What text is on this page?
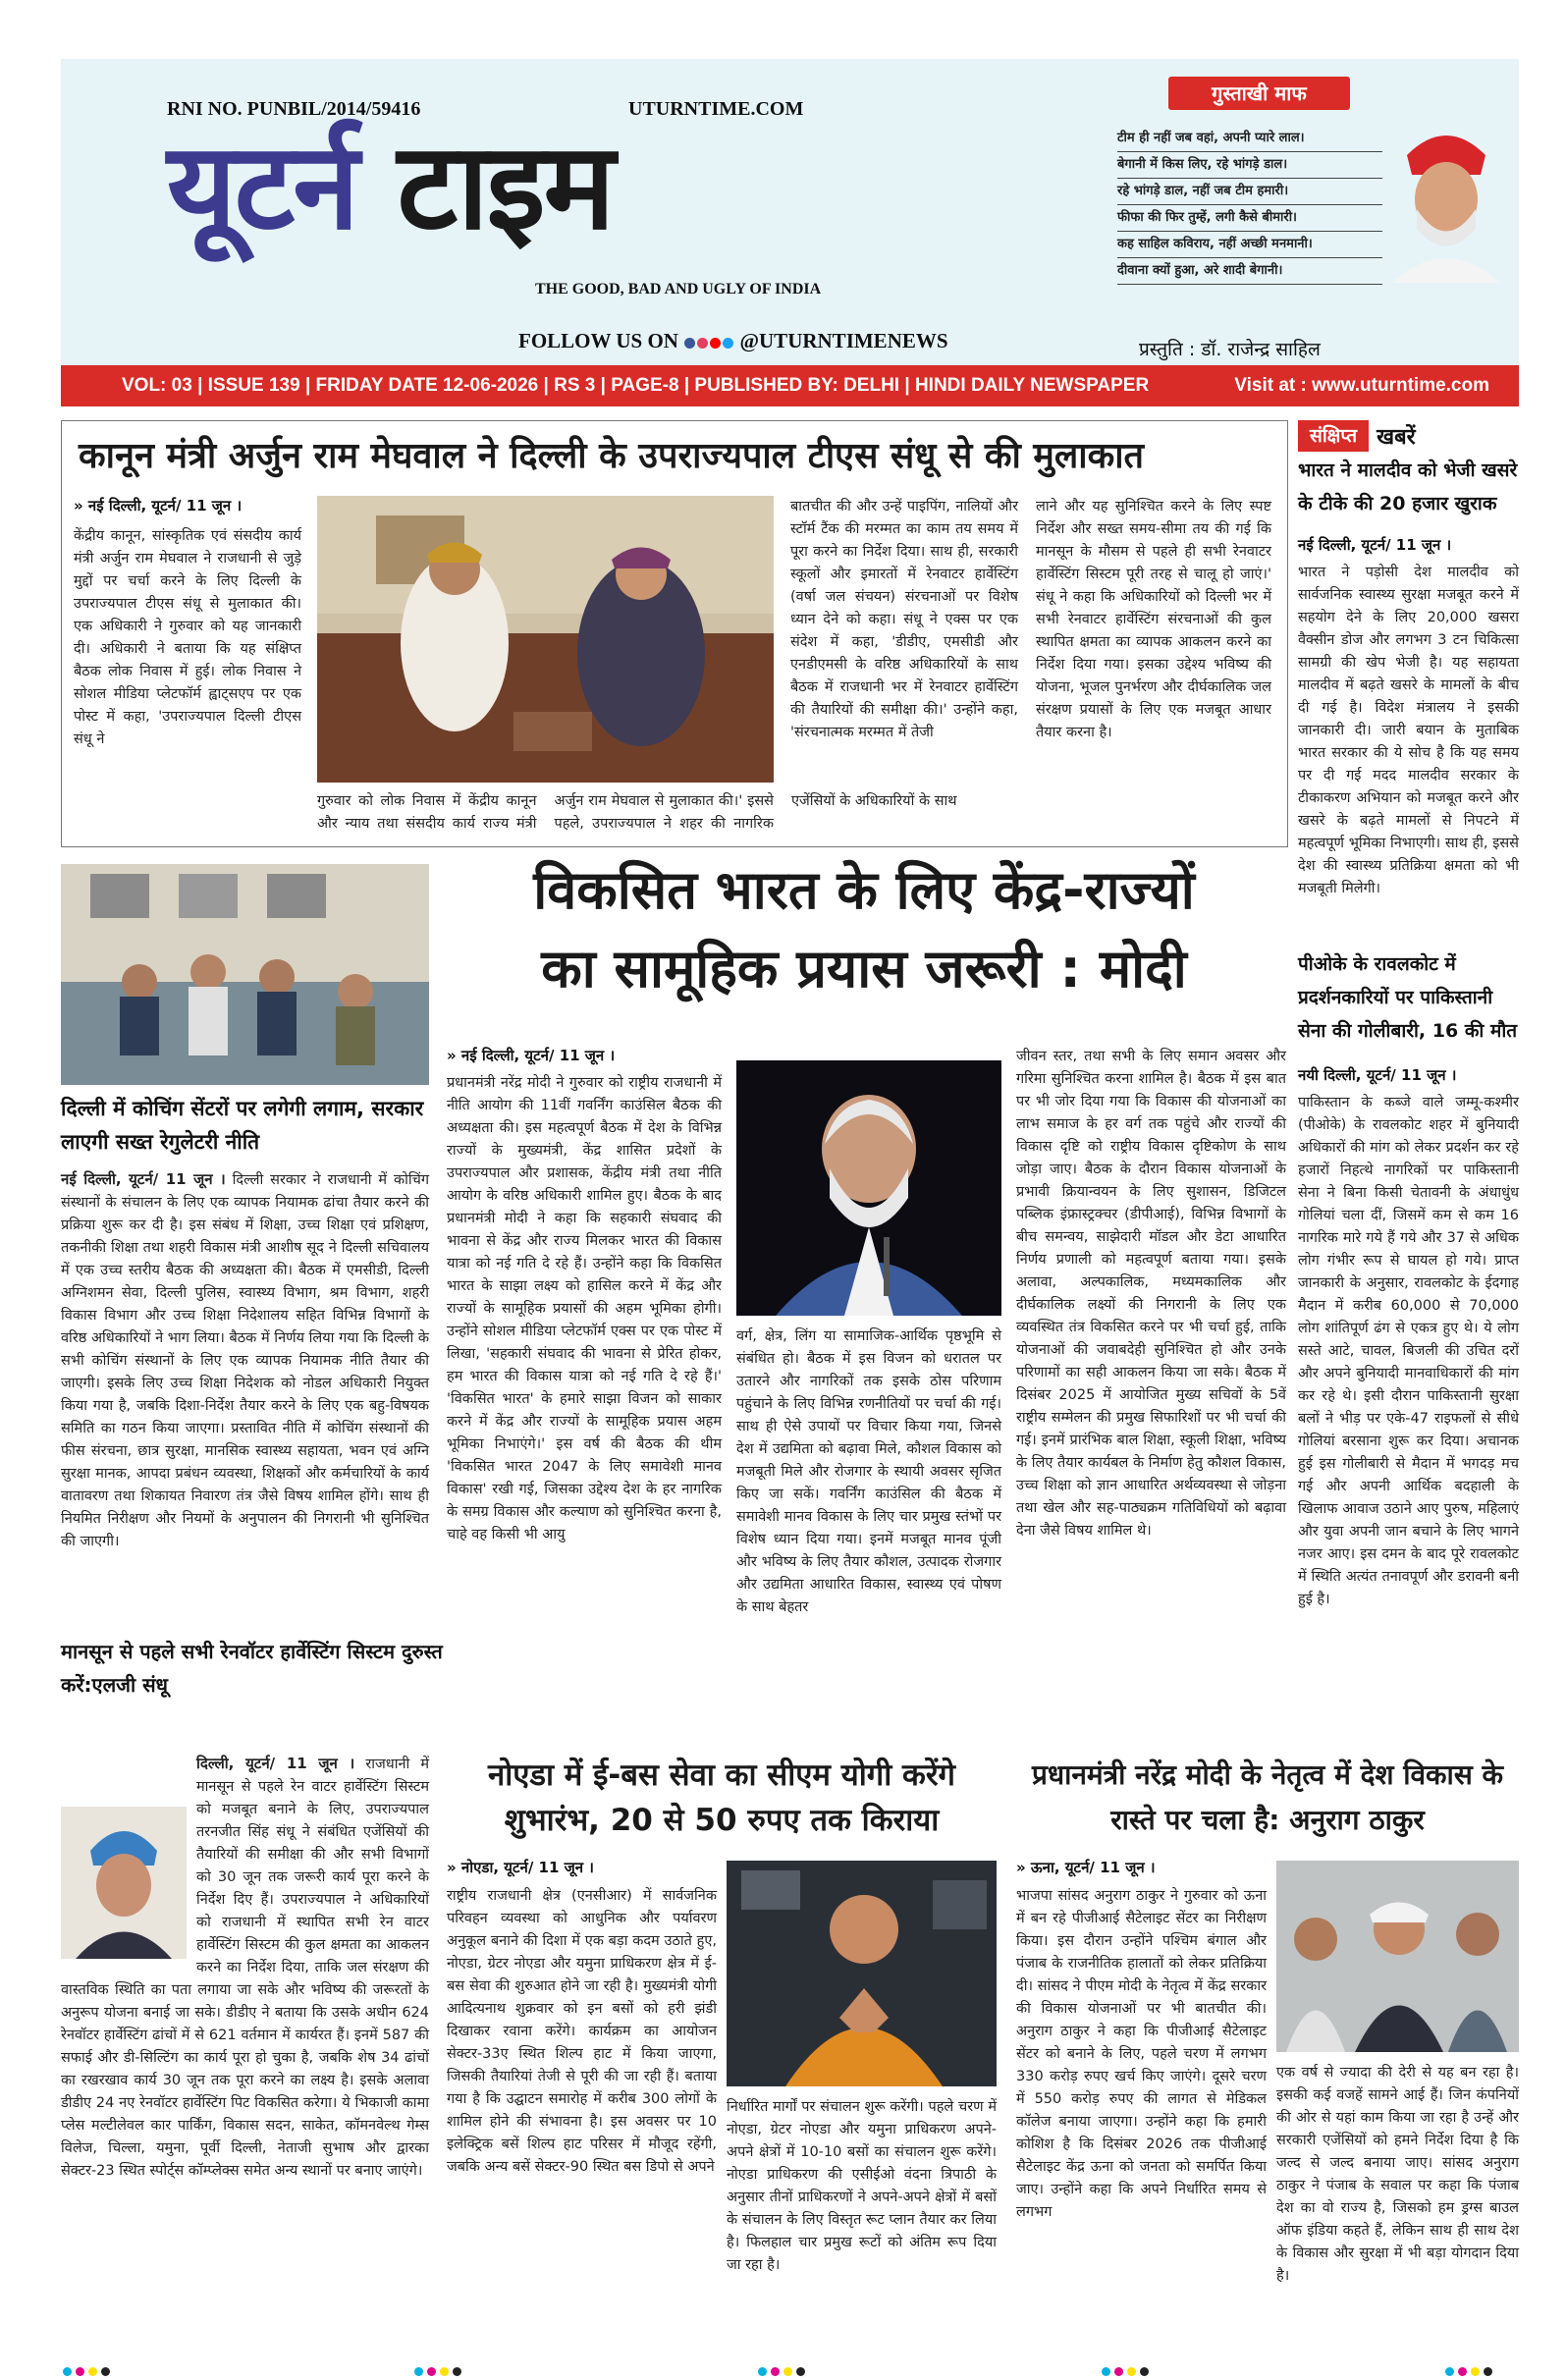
RNI NO. PUNBIL/2014/59416	UTURNTIME.COM
यूटर्न टाइम
THE GOOD, BAD AND UGLY OF INDIA
FOLLOW US ON	@UTURNTIMENEWS
गुस्ताखी माफ
टीम ही नहीं जब वहां, अपनी प्यारे लाल।
बेगानी में किस लिए, रहे भांगड़े डाल।
रहे भांगड़े डाल, नहीं जब टीम हमारी।
फीफा की फिर तुम्हें, लगी कैसे बीमारी।
कह साहिल कविराय, नहीं अच्छी मनमानी।
दीवाना क्यों हुआ, अरे शादी बेगानी।
प्रस्तुति : डॉ. राजेन्द्र साहिल
VOL: 03 | ISSUE 139 | FRIDAY DATE 12-06-2026 | RS 3 | PAGE-8 | PUBLISHED BY: DELHI | HINDI DAILY NEWSPAPER	Visit at : www.uturntime.com
कानून मंत्री अर्जुन राम मेघवाल ने दिल्ली के उपराज्यपाल टीएस संधू से की मुलाकात
» नई दिल्ली, यूटर्न/ 11 जून ।
केंद्रीय कानून, सांस्कृतिक एवं संसदीय कार्य मंत्री अर्जुन राम मेघवाल ने राजधानी से जुड़े मुद्दों पर चर्चा करने के लिए दिल्ली के उपराज्यपाल टीएस संधू से मुलाकात की। एक अधिकारी ने गुरुवार को यह जानकारी दी। अधिकारी ने बताया कि यह संक्षिप्त बैठक लोक निवास में हुई। लोक निवास ने सोशल मीडिया प्लेटफॉर्म ह्वाट्सएप पर एक पोस्ट में कहा, 'उपराज्यपाल दिल्ली टीएस संधू ने
गुरुवार को लोक निवास में केंद्रीय कानून और न्याय तथा संसदीय कार्य राज्य मंत्री अर्जुन राम मेघवाल से मुलाकात की।' इससे पहले, उपराज्यपाल ने शहर की नागरिक एजेंसियों के अधिकारियों के साथ
बातचीत की और उन्हें पाइपिंग, नालियों और स्टॉर्म टैंक की मरम्मत का काम तय समय में पूरा करने का निर्देश दिया। साथ ही, सरकारी स्कूलों और इमारतों में रेनवाटर हार्वेस्टिंग (वर्षा जल संचयन) संरचनाओं पर विशेष ध्यान देने को कहा। संधू ने एक्स पर एक संदेश में कहा, 'डीडीए, एमसीडी और एनडीएमसी के वरिष्ठ अधिकारियों के साथ बैठक में राजधानी भर में रेनवाटर हार्वेस्टिंग की तैयारियों की समीक्षा की।' उन्होंने कहा, 'संरचनात्मक मरम्मत में तेजी
लाने और यह सुनिश्चित करने के लिए स्पष्ट निर्देश और सख्त समय-सीमा तय की गई कि मानसून के मौसम से पहले ही सभी रेनवाटर हार्वेस्टिंग सिस्टम पूरी तरह से चालू हो जाएं।' संधू ने कहा कि अधिकारियों को दिल्ली भर में सभी रेनवाटर हार्वेस्टिंग संरचनाओं की कुल स्थापित क्षमता का व्यापक आकलन करने का निर्देश दिया गया। इसका उद्देश्य भविष्य की योजना, भूजल पुनर्भरण और दीर्घकालिक जल संरक्षण प्रयासों के लिए एक मजबूत आधार तैयार करना है।
संक्षिप्त खबरें
भारत ने मालदीव को भेजी खसरे के टीके की 20 हजार खुराक
नई दिल्ली, यूटर्न/ 11 जून ।
भारत ने पड़ोसी देश मालदीव को सार्वजनिक स्वास्थ्य सुरक्षा मजबूत करने में सहयोग देने के लिए 20,000 खसरा वैक्सीन डोज और लगभग 3 टन चिकित्सा सामग्री की खेप भेजी है। यह सहायता मालदीव में बढ़ते खसरे के मामलों के बीच दी गई है। विदेश मंत्रालय ने इसकी जानकारी दी। जारी बयान के मुताबिक भारत सरकार की ये सोच है कि यह समय पर दी गई मदद मालदीव सरकार के टीकाकरण अभियान को मजबूत करने और खसरे के बढ़ते मामलों से निपटने में महत्वपूर्ण भूमिका निभाएगी। साथ ही, इससे देश की स्वास्थ्य प्रतिक्रिया क्षमता को भी मजबूती मिलेगी।
पीओके के रावलकोट में प्रदर्शनकारियों पर पाकिस्तानी सेना की गोलीबारी, 16 की मौत
नयी दिल्ली, यूटर्न/ 11 जून ।
पाकिस्तान के कब्जे वाले जम्मू-कश्मीर (पीओके) के रावलकोट शहर में बुनियादी अधिकारों की मांग को लेकर प्रदर्शन कर रहे हजारों निहत्थे नागरिकों पर पाकिस्तानी सेना ने बिना किसी चेतावनी के अंधाधुंध गोलियां चला दीं, जिसमें कम से कम 16 नागरिक मारे गये हैं गये और 37 से अधिक लोग गंभीर रूप से घायल हो गये। प्राप्त जानकारी के अनुसार, रावलकोट के ईदगाह मैदान में करीब 60,000 से 70,000 लोग शांतिपूर्ण ढंग से एकत्र हुए थे। ये लोग सस्ते आटे, चावल, बिजली की उचित दरों और अपने बुनियादी मानवाधिकारों की मांग कर रहे थे। इसी दौरान पाकिस्तानी सुरक्षा बलों ने भीड़ पर एके-47 राइफलों से सीधे गोलियां बरसाना शुरू कर दिया। अचानक हुई इस गोलीबारी से मैदान में भगदड़ मच गई और अपनी आर्थिक बदहाली के खिलाफ आवाज उठाने आए पुरुष, महिलाएं और युवा अपनी जान बचाने के लिए भागने नजर आए। इस दमन के बाद पूरे रावलकोट में स्थिति अत्यंत तनावपूर्ण और डरावनी बनी हुई है।
दिल्ली में कोचिंग सेंटरों पर लगेगी लगाम, सरकार लाएगी सख्त रेगुलेटरी नीति
नई दिल्ली, यूटर्न/ 11 जून । दिल्ली सरकार ने राजधानी में कोचिंग संस्थानों के संचालन के लिए एक व्यापक नियामक ढांचा तैयार करने की प्रक्रिया शुरू कर दी है। इस संबंध में शिक्षा, उच्च शिक्षा एवं प्रशिक्षण, तकनीकी शिक्षा तथा शहरी विकास मंत्री आशीष सूद ने दिल्ली सचिवालय में एक उच्च स्तरीय बैठक की अध्यक्षता की। बैठक में एमसीडी, दिल्ली अग्निशमन सेवा, दिल्ली पुलिस, स्वास्थ्य विभाग, श्रम विभाग, शहरी विकास विभाग और उच्च शिक्षा निदेशालय सहित विभिन्न विभागों के वरिष्ठ अधिकारियों ने भाग लिया। बैठक में निर्णय लिया गया कि दिल्ली के सभी कोचिंग संस्थानों के लिए एक व्यापक नियामक नीति तैयार की जाएगी। इसके लिए उच्च शिक्षा निदेशक को नोडल अधिकारी नियुक्त किया गया है, जबकि दिशा-निर्देश तैयार करने के लिए एक बहु-विषयक समिति का गठन किया जाएगा। प्रस्तावित नीति में कोचिंग संस्थानों की फीस संरचना, छात्र सुरक्षा, मानसिक स्वास्थ्य सहायता, भवन एवं अग्नि सुरक्षा मानक, आपदा प्रबंधन व्यवस्था, शिक्षकों और कर्मचारियों के कार्य वातावरण तथा शिकायत निवारण तंत्र जैसे विषय शामिल होंगे। साथ ही नियमित निरीक्षण और नियमों के अनुपालन की निगरानी भी सुनिश्चित की जाएगी।
मानसून से पहले सभी रेनवॉटर हार्वेस्टिंग सिस्टम दुरुस्त करें:एलजी संधू
दिल्ली, यूटर्न/ 11 जून । राजधानी में मानसून से पहले रेन वाटर हार्वेस्टिंग सिस्टम को मजबूत बनाने के लिए, उपराज्यपाल तरनजीत सिंह संधू ने संबंधित एजेंसियों की तैयारियों की समीक्षा की और सभी विभागों को 30 जून तक जरूरी कार्य पूरा करने के निर्देश दिए हैं। उपराज्यपाल ने अधिकारियों को राजधानी में स्थापित सभी रेन वाटर हार्वेस्टिंग सिस्टम की कुल क्षमता का आकलन करने का निर्देश दिया, ताकि जल संरक्षण की वास्तविक स्थिति का पता लगाया जा सके और भविष्य की जरूरतों के अनुरूप योजना बनाई जा सके। डीडीए ने बताया कि उसके अधीन 624 रेनवॉटर हार्वेस्टिंग ढांचों में से 621 वर्तमान में कार्यरत हैं। इनमें 587 की सफाई और डी-सिल्टिंग का कार्य पूरा हो चुका है, जबकि शेष 34 ढांचों का रखरखाव कार्य 30 जून तक पूरा करने का लक्ष्य है। इसके अलावा डीडीए 24 नए रेनवॉटर हार्वेस्टिंग पिट विकसित करेगा। ये भिकाजी कामा प्लेस मल्टीलेवल कार पार्किंग, विकास सदन, साकेत, कॉमनवेल्थ गेम्स विलेज, चिल्ला, यमुना, पूर्वी दिल्ली, नेताजी सुभाष और द्वारका सेक्टर-23 स्थित स्पोर्ट्स कॉम्प्लेक्स समेत अन्य स्थानों पर बनाए जाएंगे।
विकसित भारत के लिए केंद्र-राज्यों
का सामूहिक प्रयास जरूरी : मोदी
» नई दिल्ली, यूटर्न/ 11 जून ।
प्रधानमंत्री नरेंद्र मोदी ने गुरुवार को राष्ट्रीय राजधानी में नीति आयोग की 11वीं गवर्निंग काउंसिल बैठक की अध्यक्षता की। इस महत्वपूर्ण बैठक में देश के विभिन्न राज्यों के मुख्यमंत्री, केंद्र शासित प्रदेशों के उपराज्यपाल और प्रशासक, केंद्रीय मंत्री तथा नीति आयोग के वरिष्ठ अधिकारी शामिल हुए। बैठक के बाद प्रधानमंत्री मोदी ने कहा कि सहकारी संघवाद की भावना से केंद्र और राज्य मिलकर भारत की विकास यात्रा को नई गति दे रहे हैं। उन्होंने कहा कि विकसित भारत के साझा लक्ष्य को हासिल करने में केंद्र और राज्यों के सामूहिक प्रयासों की अहम भूमिका होगी। उन्होंने सोशल मीडिया प्लेटफॉर्म एक्स पर एक पोस्ट में लिखा, 'सहकारी संघवाद की भावना से प्रेरित होकर, हम भारत की विकास यात्रा को नई गति दे रहे हैं।' 'विकसित भारत' के हमारे साझा विजन को साकार करने में केंद्र और राज्यों के सामूहिक प्रयास अहम भूमिका निभाएंगे।' इस वर्ष की बैठक की थीम 'विकसित भारत 2047 के लिए समावेशी मानव विकास' रखी गई, जिसका उद्देश्य देश के हर नागरिक के समग्र विकास और कल्याण को सुनिश्चित करना है, चाहे वह किसी भी आयु
वर्ग, क्षेत्र, लिंग या सामाजिक-आर्थिक पृष्ठभूमि से संबंधित हो। बैठक में इस विजन को धरातल पर उतारने और नागरिकों तक इसके ठोस परिणाम पहुंचाने के लिए विभिन्न रणनीतियों पर चर्चा की गई। साथ ही ऐसे उपायों पर विचार किया गया, जिनसे देश में उद्यमिता को बढ़ावा मिले, कौशल विकास को मजबूती मिले और रोजगार के स्थायी अवसर सृजित किए जा सकें। गवर्निंग काउंसिल की बैठक में समावेशी मानव विकास के लिए चार प्रमुख स्तंभों पर विशेष ध्यान दिया गया। इनमें मजबूत मानव पूंजी और भविष्य के लिए तैयार कौशल, उत्पादक रोजगार और उद्यमिता आधारित विकास, स्वास्थ्य एवं पोषण के साथ बेहतर
जीवन स्तर, तथा सभी के लिए समान अवसर और गरिमा सुनिश्चित करना शामिल है। बैठक में इस बात पर भी जोर दिया गया कि विकास की योजनाओं का लाभ समाज के हर वर्ग तक पहुंचे और राज्यों की विकास दृष्टि को राष्ट्रीय विकास दृष्टिकोण के साथ जोड़ा जाए। बैठक के दौरान विकास योजनाओं के प्रभावी क्रियान्वयन के लिए सुशासन, डिजिटल पब्लिक इंफ्रास्ट्रक्चर (डीपीआई), विभिन्न विभागों के बीच समन्वय, साझेदारी मॉडल और डेटा आधारित निर्णय प्रणाली को महत्वपूर्ण बताया गया। इसके अलावा, अल्पकालिक, मध्यमकालिक और दीर्घकालिक लक्ष्यों की निगरानी के लिए एक व्यवस्थित तंत्र विकसित करने पर भी चर्चा हुई, ताकि योजनाओं की जवाबदेही सुनिश्चित हो और उनके परिणामों का सही आकलन किया जा सके। बैठक में दिसंबर 2025 में आयोजित मुख्य सचिवों के 5वें राष्ट्रीय सम्मेलन की प्रमुख सिफारिशों पर भी चर्चा की गई। इनमें प्रारंभिक बाल शिक्षा, स्कूली शिक्षा, भविष्य के लिए तैयार कार्यबल के निर्माण हेतु कौशल विकास, उच्च शिक्षा को ज्ञान आधारित अर्थव्यवस्था से जोड़ना तथा खेल और सह-पाठ्यक्रम गतिविधियों को बढ़ावा देना जैसे विषय शामिल थे।
नोएडा में ई-बस सेवा का सीएम योगी करेंगे शुभारंभ, 20 से 50 रुपए तक किराया
» नोएडा, यूटर्न/ 11 जून ।
राष्ट्रीय राजधानी क्षेत्र (एनसीआर) में सार्वजनिक परिवहन व्यवस्था को आधुनिक और पर्यावरण अनुकूल बनाने की दिशा में एक बड़ा कदम उठाते हुए, नोएडा, ग्रेटर नोएडा और यमुना प्राधिकरण क्षेत्र में ई-बस सेवा की शुरुआत होने जा रही है। मुख्यमंत्री योगी आदित्यनाथ शुक्रवार को इन बसों को हरी झंडी दिखाकर रवाना करेंगे। कार्यक्रम का आयोजन सेक्टर-33ए स्थित शिल्प हाट में किया जाएगा, जिसकी तैयारियां तेजी से पूरी की जा रही हैं। बताया गया है कि उद्घाटन समारोह में करीब 300 लोगों के शामिल होने की संभावना है। इस अवसर पर 10 इलेक्ट्रिक बसें शिल्प हाट परिसर में मौजूद रहेंगी, जबकि अन्य बसें सेक्टर-90 स्थित बस डिपो से अपने
निर्धारित मार्गों पर संचालन शुरू करेंगी। पहले चरण में नोएडा, ग्रेटर नोएडा और यमुना प्राधिकरण अपने-अपने क्षेत्रों में 10-10 बसों का संचालन शुरू करेंगे। नोएडा प्राधिकरण की एसीईओ वंदना त्रिपाठी के अनुसार तीनों प्राधिकरणों ने अपने-अपने क्षेत्रों में बसों के संचालन के लिए विस्तृत रूट प्लान तैयार कर लिया है। फिलहाल चार प्रमुख रूटों को अंतिम रूप दिया जा रहा है।
प्रधानमंत्री नरेंद्र मोदी के नेतृत्व में देश विकास के रास्ते पर चला है: अनुराग ठाकुर
» ऊना, यूटर्न/ 11 जून ।
भाजपा सांसद अनुराग ठाकुर ने गुरुवार को ऊना में बन रहे पीजीआई सैटेलाइट सेंटर का निरीक्षण किया। इस दौरान उन्होंने पश्चिम बंगाल और पंजाब के राजनीतिक हालातों को लेकर प्रतिक्रिया दी। सांसद ने पीएम मोदी के नेतृत्व में केंद्र सरकार की विकास योजनाओं पर भी बातचीत की। अनुराग ठाकुर ने कहा कि पीजीआई सैटेलाइट सेंटर को बनाने के लिए, पहले चरण में लगभग 330 करोड़ रुपए खर्च किए जाएंगे। दूसरे चरण में 550 करोड़ रुपए की लागत से मेडिकल कॉलेज बनाया जाएगा। उन्होंने कहा कि हमारी कोशिश है कि दिसंबर 2026 तक पीजीआई सैटेलाइट केंद्र ऊना को जनता को समर्पित किया जाए। उन्होंने कहा कि अपने निर्धारित समय से लगभग
एक वर्ष से ज्यादा की देरी से यह बन रहा है। इसकी कई वजहें सामने आई हैं। जिन कंपनियों की ओर से यहां काम किया जा रहा है उन्हें और सरकारी एजेंसियों को हमने निर्देश दिया है कि जल्द से जल्द बनाया जाए। सांसद अनुराग ठाकुर ने पंजाब के सवाल पर कहा कि पंजाब देश का वो राज्य है, जिसको हम ड्रग्स बाउल ऑफ इंडिया कहते हैं, लेकिन साथ ही साथ देश के विकास और सुरक्षा में भी बड़ा योगदान दिया है।
